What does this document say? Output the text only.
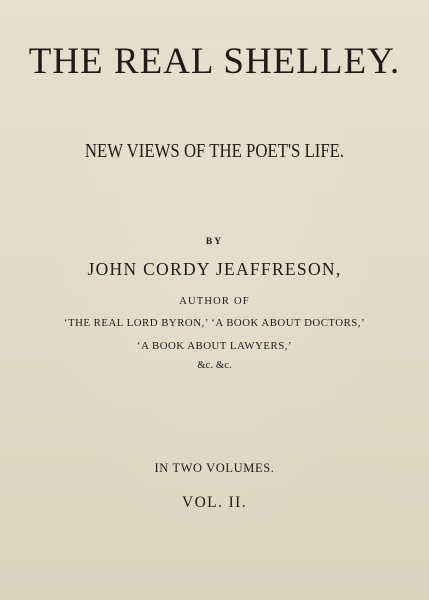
THE REAL SHELLEY.
NEW VIEWS OF THE POET'S LIFE.
BY
JOHN CORDY JEAFFRESON,
AUTHOR OF
‘THE REAL LORD BYRON,’ ‘A BOOK ABOUT DOCTORS,’
‘A BOOK ABOUT LAWYERS,’
&c. &c.
IN TWO VOLUMES.
VOL. II.
